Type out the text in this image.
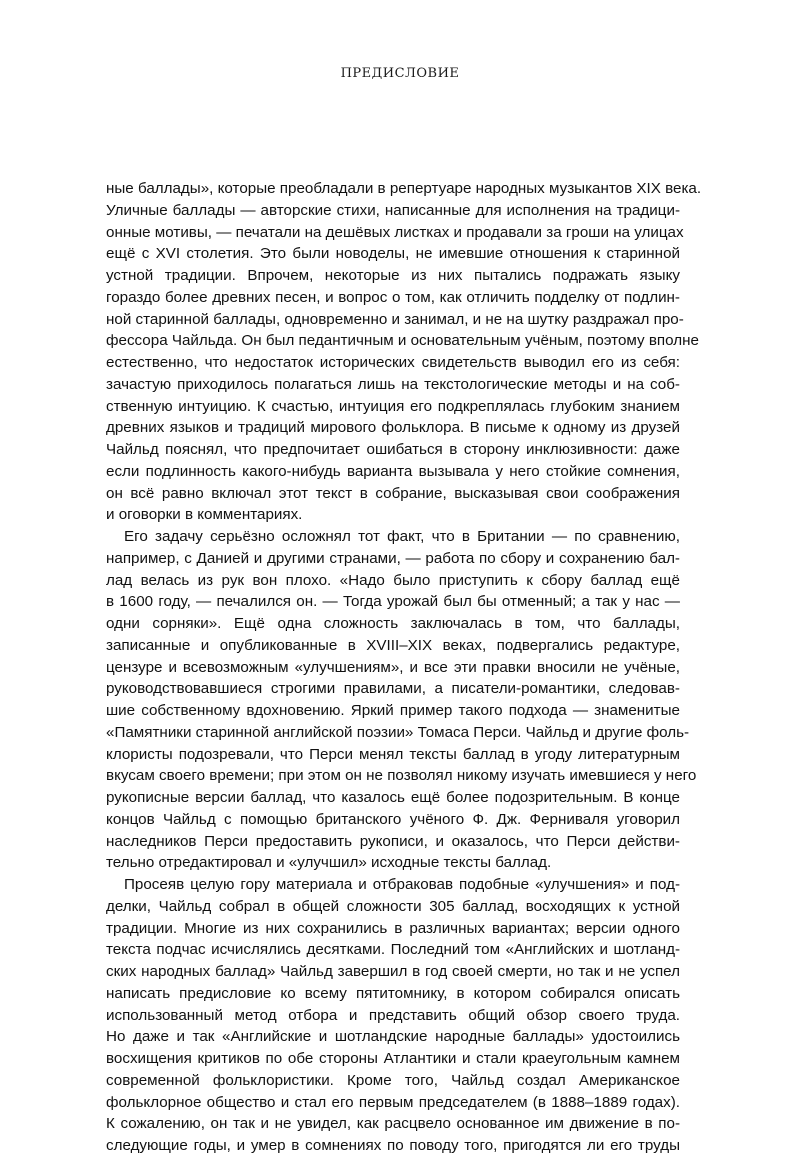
ПРЕДИСЛОВИЕ
ные баллады», которые преобладали в репертуаре народных музыкантов XIX века.
Уличные баллады — авторские стихи, написанные для исполнения на традици-
онные мотивы, — печатали на дешёвых листках и продавали за гроши на улицах
ещё с XVI столетия. Это были новоделы, не имевшие отношения к старинной
устной традиции. Впрочем, некоторые из них пытались подражать языку
гораздо более древних песен, и вопрос о том, как отличить подделку от подлин-
ной старинной баллады, одновременно и занимал, и не на шутку раздражал про-
фессора Чайльда. Он был педантичным и основательным учёным, поэтому вполне
естественно, что недостаток исторических свидетельств выводил его из себя:
зачастую приходилось полагаться лишь на текстологические методы и на соб-
ственную интуицию. К счастью, интуиция его подкреплялась глубоким знанием
древних языков и традиций мирового фольклора. В письме к одному из друзей
Чайльд пояснял, что предпочитает ошибаться в сторону инклюзивности: даже
если подлинность какого-нибудь варианта вызывала у него стойкие сомнения,
он всё равно включал этот текст в собрание, высказывая свои соображения
и оговорки в комментариях.
Его задачу серьёзно осложнял тот факт, что в Британии — по сравнению,
например, с Данией и другими странами, — работа по сбору и сохранению бал-
лад велась из рук вон плохо. «Надо было приступить к сбору баллад ещё
в 1600 году, — печалился он. — Тогда урожай был бы отменный; а так у нас —
одни сорняки». Ещё одна сложность заключалась в том, что баллады,
записанные и опубликованные в XVIII–XIX веках, подвергались редактуре,
цензуре и всевозможным «улучшениям», и все эти правки вносили не учёные,
руководствовавшиеся строгими правилами, а писатели-романтики, следовав-
шие собственному вдохновению. Яркий пример такого подхода — знаменитые
«Памятники старинной английской поэзии» Томаса Перси. Чайльд и другие фоль-
клористы подозревали, что Перси менял тексты баллад в угоду литературным
вкусам своего времени; при этом он не позволял никому изучать имевшиеся у него
рукописные версии баллад, что казалось ещё более подозрительным. В конце
концов Чайльд с помощью британского учёного Ф. Дж. Ферниваля уговорил
наследников Перси предоставить рукописи, и оказалось, что Перси действи-
тельно отредактировал и «улучшил» исходные тексты баллад.
Просеяв целую гору материала и отбраковав подобные «улучшения» и под-
делки, Чайльд собрал в общей сложности 305 баллад, восходящих к устной
традиции. Многие из них сохранились в различных вариантах; версии одного
текста подчас исчислялись десятками. Последний том «Английских и шотланд-
ских народных баллад» Чайльд завершил в год своей смерти, но так и не успел
написать предисловие ко всему пятитомнику, в котором собирался описать
использованный метод отбора и представить общий обзор своего труда.
Но даже и так «Английские и шотландские народные баллады» удостоились
восхищения критиков по обе стороны Атлантики и стали краеугольным камнем
современной фольклористики. Кроме того, Чайльд создал Американское
фольклорное общество и стал его первым председателем (в 1888–1889 годах).
К сожалению, он так и не увидел, как расцвело основанное им движение в по-
следующие годы, и умер в сомнениях по поводу того, пригодятся ли его труды
